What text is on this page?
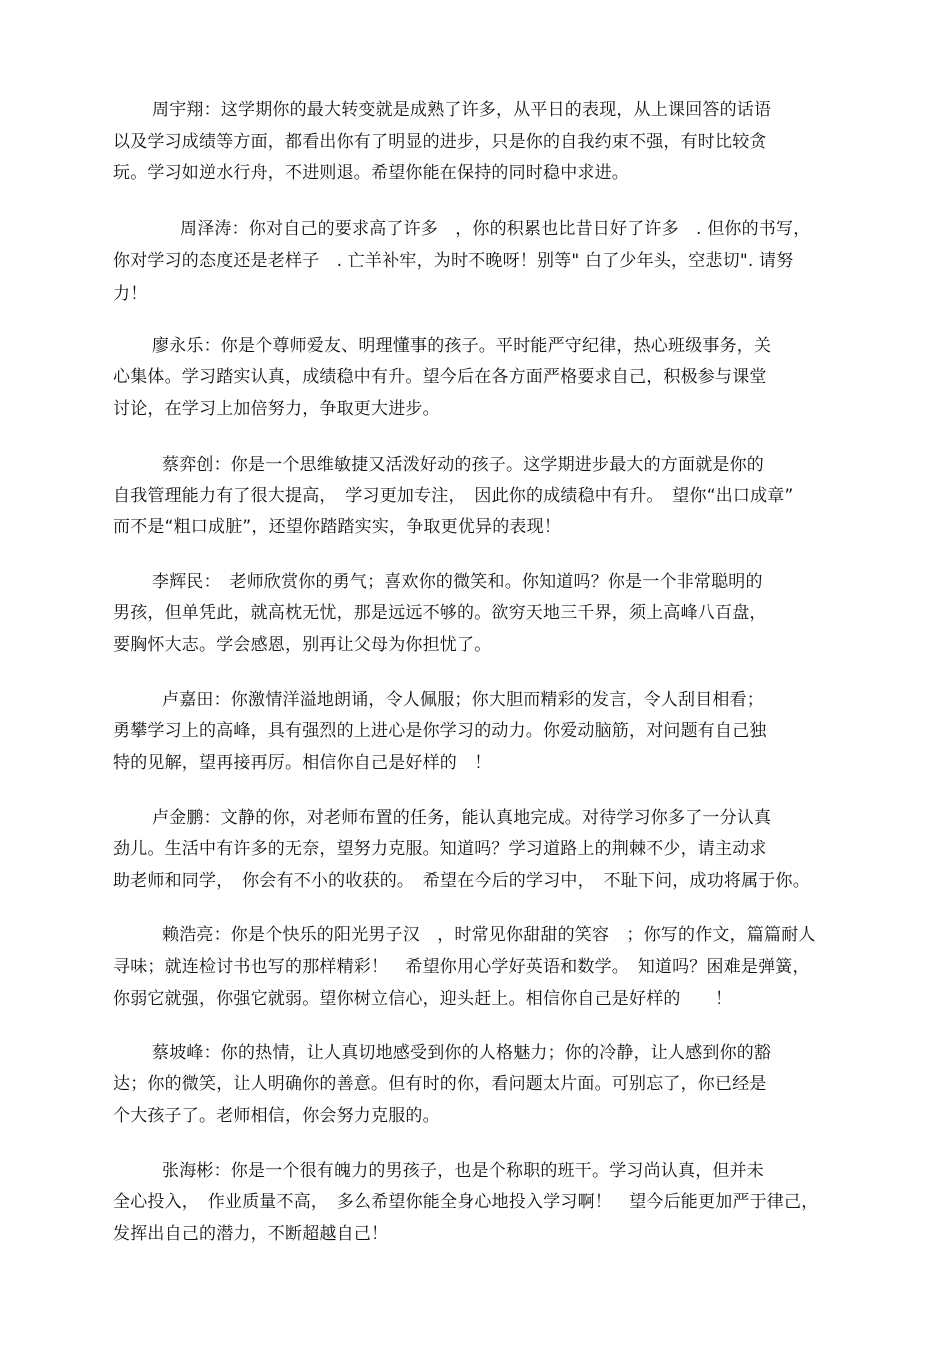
周宇翔：这学期你的最大转变就是成熟了许多，从平日的表现，从上课回答的话语
以及学习成绩等方面，都看出你有了明显的进步，只是你的自我约束不强，有时比较贪
玩。学习如逆水行舟，不进则退。希望你能在保持的同时稳中求进。
周泽涛：你对自己的要求高了许多　，你的积累也比昔日好了许多　. 但你的书写，
你对学习的态度还是老样子　. 亡羊补牢，为时不晚呀！别等" 白了少年头，空悲切". 请努
力！
廖永乐：你是个尊师爱友、明理懂事的孩子。平时能严守纪律，热心班级事务，关
心集体。学习踏实认真，成绩稳中有升。望今后在各方面严格要求自己，积极参与课堂
讨论，在学习上加倍努力，争取更大进步。
蔡弈创：你是一个思维敏捷又活泼好动的孩子。这学期进步最大的方面就是你的
自我管理能力有了很大提高，　学习更加专注，　因此你的成绩稳中有升。　望你“出口成章”
而不是“粗口成脏”，还望你踏踏实实，争取更优异的表现！
李辉民：　老师欣赏你的勇气；喜欢你的微笑和。你知道吗？你是一个非常聪明的
男孩，但单凭此，就高枕无忧，那是远远不够的。欲穷天地三千界，须上高峰八百盘，
要胸怀大志。学会感恩，别再让父母为你担忧了。
卢嘉田：你激情洋溢地朗诵，令人佩服；你大胆而精彩的发言，令人刮目相看；
勇攀学习上的高峰，具有强烈的上进心是你学习的动力。你爱动脑筋，对问题有自己独
特的见解，望再接再厉。相信你自己是好样的　！
卢金鹏：文静的你，对老师布置的任务，能认真地完成。对待学习你多了一分认真
劲儿。生活中有许多的无奈，望努力克服。知道吗？学习道路上的荆棘不少，请主动求
助老师和同学，　你会有不小的收获的。　希望在今后的学习中，　不耻下问，成功将属于你。
赖浩亮：你是个快乐的阳光男子汉　，时常见你甜甜的笑容　；你写的作文，篇篇耐人
寻味；就连检讨书也写的那样精彩！　希望你用心学好英语和数学。　知道吗？困难是弹簧，
你弱它就强，你强它就弱。望你树立信心，迎头赶上。相信你自己是好样的　　！
蔡坡峰：你的热情，让人真切地感受到你的人格魅力；你的冷静，让人感到你的豁
达；你的微笑，让人明确你的善意。但有时的你，看问题太片面。可别忘了，你已经是
个大孩子了。老师相信，你会努力克服的。
张海彬：你是一个很有魄力的男孩子，也是个称职的班干。学习尚认真，但并未
全心投入，　作业质量不高，　多么希望你能全身心地投入学习啊！　望今后能更加严于律己，
发挥出自己的潜力，不断超越自己！
